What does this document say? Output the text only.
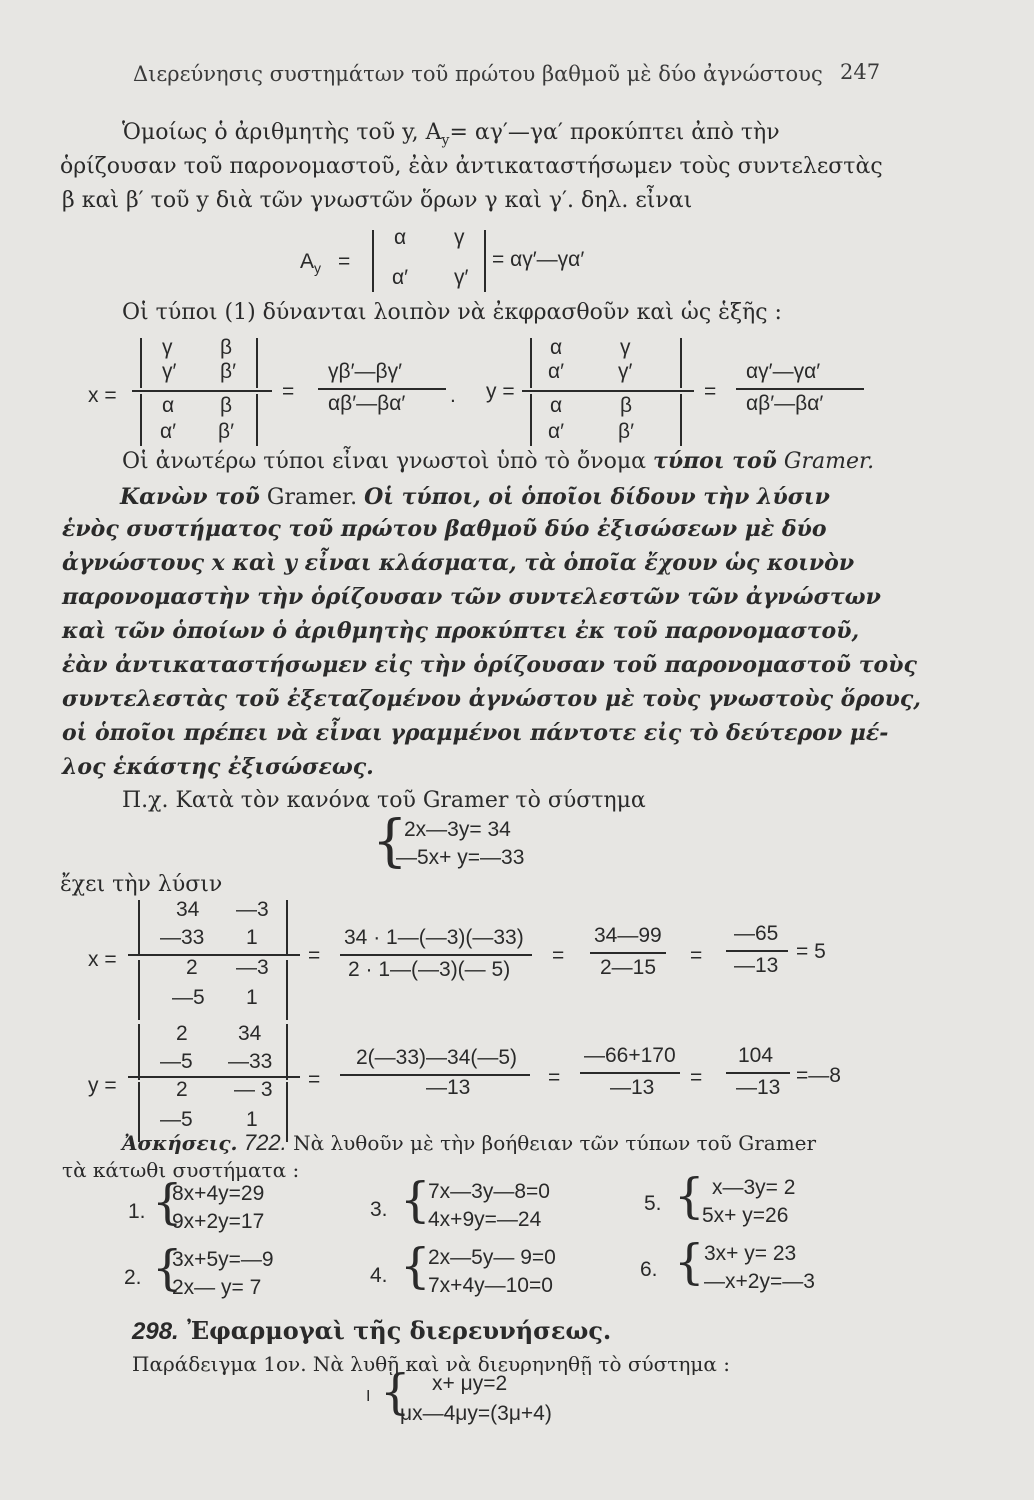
Διερεύνησις συστημάτων τοῦ πρώτου βαθμοῦ μὲ δύο ἀγνώστους 247
Ὁμοίως ὁ ἀριθμητὴς τοῦ y, $A_y=$ αγ′—γα′ προκύπτει ἀπὸ τὴν
ὁρίζουσαν τοῦ παρονομαστοῦ, ἐὰν ἀντικαταστήσωμεν τοὺς συντελεστὰς
β καὶ β′ τοῦ y διὰ τῶν γνωστῶν ὅρων γ καὶ γ′. δηλ. εἶναι
$A_y$ =
α γ
α′ γ′
= αγ′—γα′
Οἱ τύποι (1) δύνανται λοιπὸν νὰ ἐκφρασθοῦν καὶ ὡς ἑξῆς :
x =
γ β
γ′ β′
α β
α′ β′
=
γβ′—βγ′
αβ′—βα′ . y =
α	γ
α′	γ′
α	β
α′	β′
=
αγ′—γα′
αβ′—βα′
Οἱ ἀνωτέρω τύποι εἶναι γνωστοὶ ὑπὸ τὸ ὄνομα τύποι τοῦ Gramer.
Κανὼν τοῦ Gramer. Οἱ τύποι, οἱ ὁποῖοι δίδουν τὴν λύσιν
ἑνὸς συστήματος τοῦ πρώτου βαθμοῦ δύο ἐξισώσεων μὲ δύο
ἀγνώστους x καὶ y εἶναι κλάσματα, τὰ ὁποῖα ἔχουν ὡς κοινὸν
παρονομαστὴν τὴν ὁρίζουσαν τῶν συντελεστῶν τῶν ἀγνώστων
καὶ τῶν ὁποίων ὁ ἀριθμητὴς προκύπτει ἐκ τοῦ παρονομαστοῦ,
ἐὰν ἀντικαταστήσωμεν εἰς τὴν ὁρίζουσαν τοῦ παρονομαστοῦ τοὺς
συντελεστὰς τοῦ ἐξεταζομένου ἀγνώστου μὲ τοὺς γνωστοὺς ὅρους,
οἱ ὁποῖοι πρέπει νὰ εἶναι γραμμένοι πάντοτε εἰς τὸ δεύτερον μέ-
λος ἑκάστης ἐξισώσεως.
Π.χ. Κατὰ τὸν κανόνα τοῦ Gramer τὸ σύστημα
{
2x—3y= 34
—5x+ y=—33
ἔχει τὴν λύσιν
x =
34 —3
—33 1
2 —3
—5 1
=
34 · 1—(—3)(—33)
2 · 1—(—3)(— 5)
=
34—99
2—15
=
—65
—13
= 5
y =
2 34
—5 —33
2 — 3
—5	1
=
2(—33)—34(—5)
—13	=
—66+170
—13 =
104
—13
=—8
Ἀσκήσεις. 722. Νὰ λυθοῦν μὲ τὴν βοήθειαν τῶν τύπων τοῦ Gramer
τὰ κάτωθι συστήματα :
1. {
8x+4y=29
9x+2y=17
2. {
3x+5y=—9
2x— y= 7
3. {
7x—3y—8=0
4x+9y=—24
4. {
2x—5y— 9=0
7x+4y—10=0
5. { x—3y= 2
5x+ y=26
6. { 3x+ y= 23
—x+2y=—3
298. Ἐφαρμογαὶ τῆς διερευνήσεως.
Παράδειγμα 1ον. Νὰ λυθῇ καὶ νὰ διευρηνηθῇ τὸ σύστημα :
I { x+ μy=2
μx—4μy=(3μ+4)
